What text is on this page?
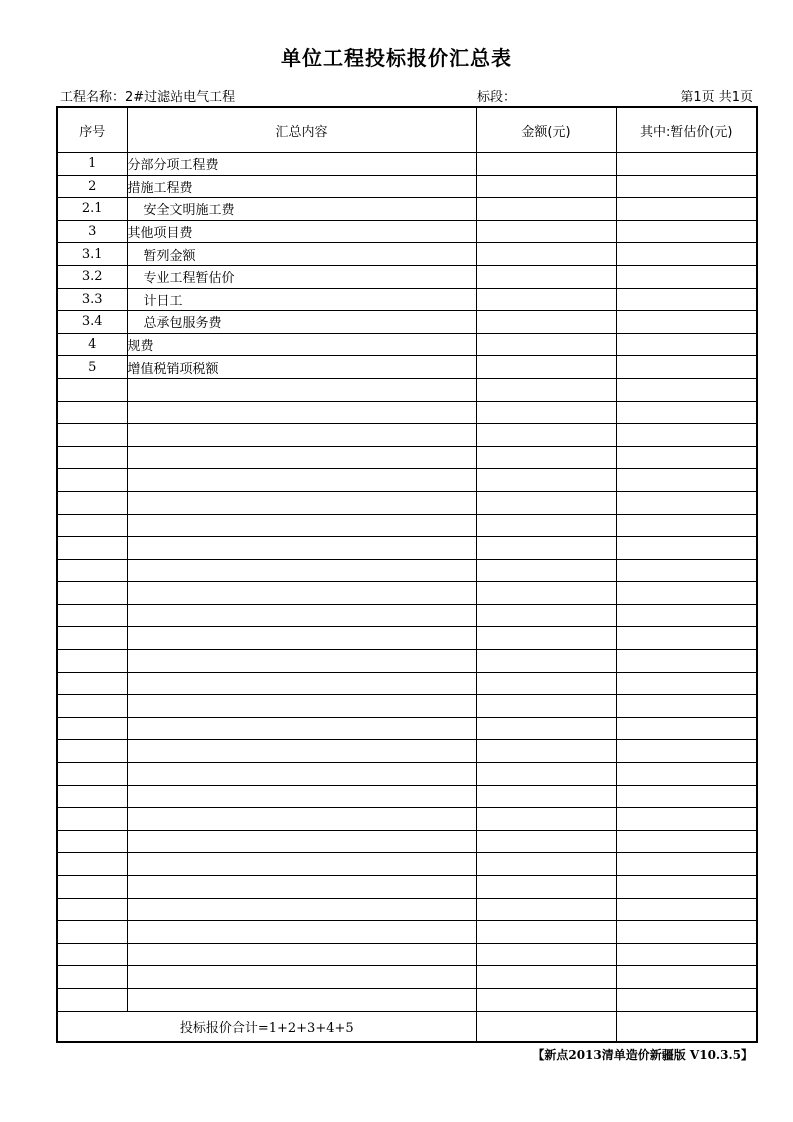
单位工程投标报价汇总表
工程名称：2#过滤站电气工程	标段：	第1页 共1页
序号	汇总内容	金额(元)	其中:暂估价(元)
1	分部分项工程费		
2	措施工程费		
2.1	安全文明施工费		
3	其他项目费		
3.1	暂列金额		
3.2	专业工程暂估价		
3.3	计日工		
3.4	总承包服务费		
4	规费		
5	增值税销项税额		

投标报价合计=1+2+3+4+5			
【新点2013清单造价新疆版 V10.3.5】
